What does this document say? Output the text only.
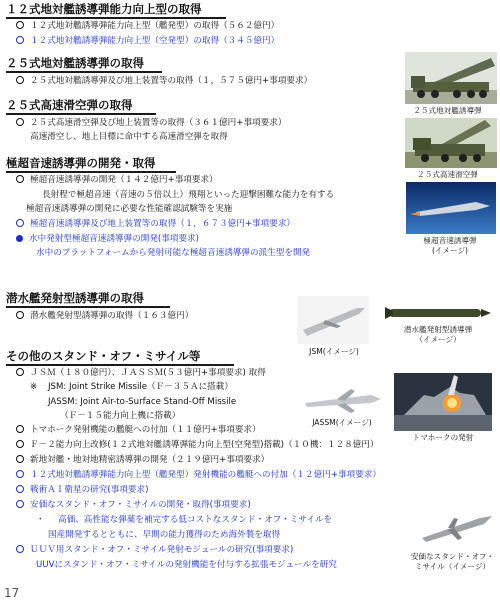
１２式地対艦誘導弾能力向上型の取得
１２式地対艦誘導弾能力向上型（艦発型）の取得（５６２億円）
１２式地対艦誘導弾能力向上型（空発型）の取得（３４５億円）
２５式地対艦誘導弾の取得
２５式地対艦誘導弾及び地上装置等の取得（１，５７５億円+事項要求）
２５式高速滑空弾の取得
２５式高速滑空弾及び地上装置等の取得（３６１億円+事項要求）
高速滑空し、地上目標に命中する高速滑空弾を取得
極超音速誘導弾の開発・取得
極超音速誘導弾の開発（１４２億円+事項要求）
長射程で極超音速（音速の５倍以上）飛翔といった迎撃困難な能力を有する
極超音速誘導弾の開発に必要な性能確認試験等を実施
極超音速誘導弾及び地上装置等の取得（１，６７３億円+事項要求）
水中発射型極超音速誘導弾の開発(事項要求)
水中のプラットフォームから発射可能な極超音速誘導弾の派生型を開発
潜水艦発射型誘導弾の取得
潜水艦発射型誘導弾の取得（１６３億円）
その他のスタンド・オフ・ミサイル等
ＪＳＭ（１８０億円）、ＪＡＳＳＭ(５３億円+事項要求) 取得
※ JSM: Joint Strike Missile（Ｆ－３５Ａに搭載）
JASSM: Joint Air-to-Surface Stand-Off Missile
（Ｆ－１５能力向上機に搭載）
トマホーク発射機能の艦艇への付加（１１億円+事項要求）
Ｆ－２能力向上改修(１２式地対艦誘導弾能力向上型(空発型)搭載)（１０機：１２８億円）
新地対艦・地対地精密誘導弾の開発（２１９億円+事項要求）
１２式地対艦誘導弾能力向上型（艦発型）発射機能の艦艇への付加（１２億円+事項要求）
戦術ＡＩ衛星の研究(事項要求)
安価なスタンド・オフ・ミサイルの開発・取得(事項要求)
・ 高価、高性能な弾薬を補完する低コストなスタンド・オフ・ミサイルを
国産開発するとともに、早期の能力獲得のため海外製を取得
ＵＵＶ用スタンド・オフ・ミサイル発射モジュールの研究(事項要求)
UUVにスタンド・オフ・ミサイルの発射機能を付与する拡張モジュールを研究
17
２５式地対艦誘導弾
２５式高速滑空弾
極超音速誘導弾
(イメージ)
JSM(イメージ)
潜水艦発射型誘導弾
（イメージ）
JASSM(イメージ)
トマホークの発射
安価なスタンド・オフ・
ミサイル（イメージ）
